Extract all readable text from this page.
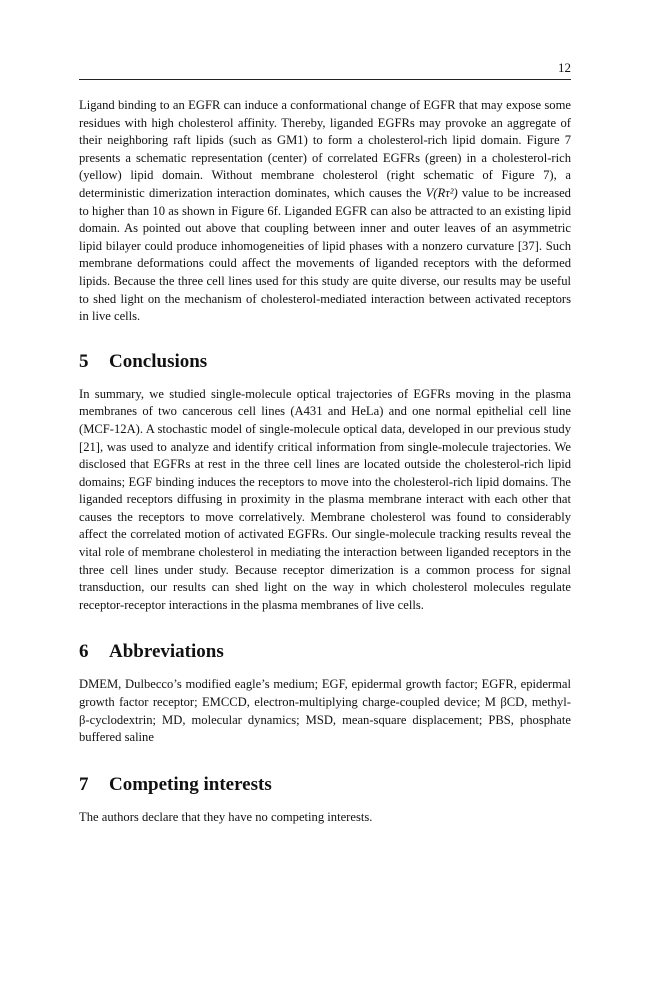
12

Ligand binding to an EGFR can induce a conformational change of EGFR that may expose some residues with high cholesterol affinity. Thereby, liganded EGFRs may provoke an aggregate of their neighboring raft lipids (such as GM1) to form a cholesterol-rich lipid domain. Figure 7 presents a schematic representation (center) of correlated EGFRs (green) in a cholesterol-rich (yellow) lipid domain. Without membrane cholesterol (right schematic of Figure 7), a deterministic dimerization interaction dominates, which causes the V(Rτ²) value to be increased to higher than 10 as shown in Figure 6f. Liganded EGFR can also be attracted to an existing lipid domain. As pointed out above that coupling between inner and outer leaves of an asymmetric lipid bilayer could produce inhomogeneities of lipid phases with a nonzero curvature [37]. Such membrane deformations could affect the movements of liganded receptors with the deformed lipids. Because the three cell lines used for this study are quite diverse, our results may be useful to shed light on the mechanism of cholesterol-mediated interaction between activated receptors in live cells.

5 Conclusions

In summary, we studied single-molecule optical trajectories of EGFRs moving in the plasma membranes of two cancerous cell lines (A431 and HeLa) and one normal epithelial cell line (MCF-12A). A stochastic model of single-molecule optical data, developed in our previous study [21], was used to analyze and identify critical information from single-molecule trajectories. We disclosed that EGFRs at rest in the three cell lines are located outside the cholesterol-rich lipid domains; EGF binding induces the receptors to move into the cholesterol-rich lipid domains. The liganded receptors diffusing in proximity in the plasma membrane interact with each other that causes the receptors to move correlatively. Membrane cholesterol was found to considerably affect the correlated motion of activated EGFRs. Our single-molecule tracking results reveal the vital role of membrane cholesterol in mediating the interaction between liganded receptors in the three cell lines under study. Because receptor dimerization is a common process for signal transduction, our results can shed light on the way in which cholesterol molecules regulate receptor-receptor interactions in the plasma membranes of live cells.

6 Abbreviations

DMEM, Dulbecco’s modified eagle’s medium; EGF, epidermal growth factor; EGFR, epidermal growth factor receptor; EMCCD, electron-multiplying charge-coupled device; M βCD, methyl- β-cyclodextrin; MD, molecular dynamics; MSD, mean-square displacement; PBS, phosphate buffered saline

7 Competing interests

The authors declare that they have no competing interests.
